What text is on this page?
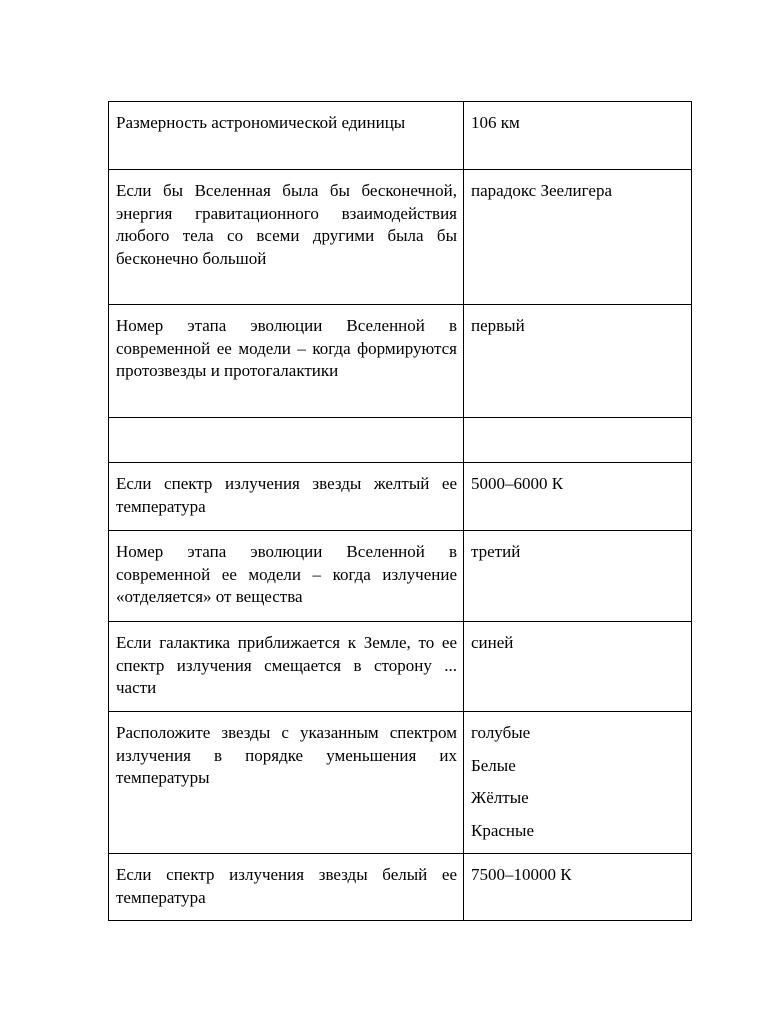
Размерность астрономической единицы	106 км

Если бы Вселенная была бы бесконечной, энергия гравитационного взаимодействия любого тела со всеми другими была бы бесконечно большой

парадокс Зеелигера

Номер этапа эволюции Вселенной в современной ее модели – когда формируются протозвезды и протогалактики

первый

Если спектр излучения звезды желтый ее температура

5000–6000 К

Номер этапа эволюции Вселенной в современной ее модели – когда излучение «отделяется» от вещества

третий

Если галактика приближается к Земле, то ее спектр излучения смещается в сторону ... части

синей

Расположите звезды с указанным спектром излучения в порядке уменьшения их температуры

голубые
Белые
Жёлтые
Красные

Если спектр излучения звезды белый ее температура

7500–10000 К
